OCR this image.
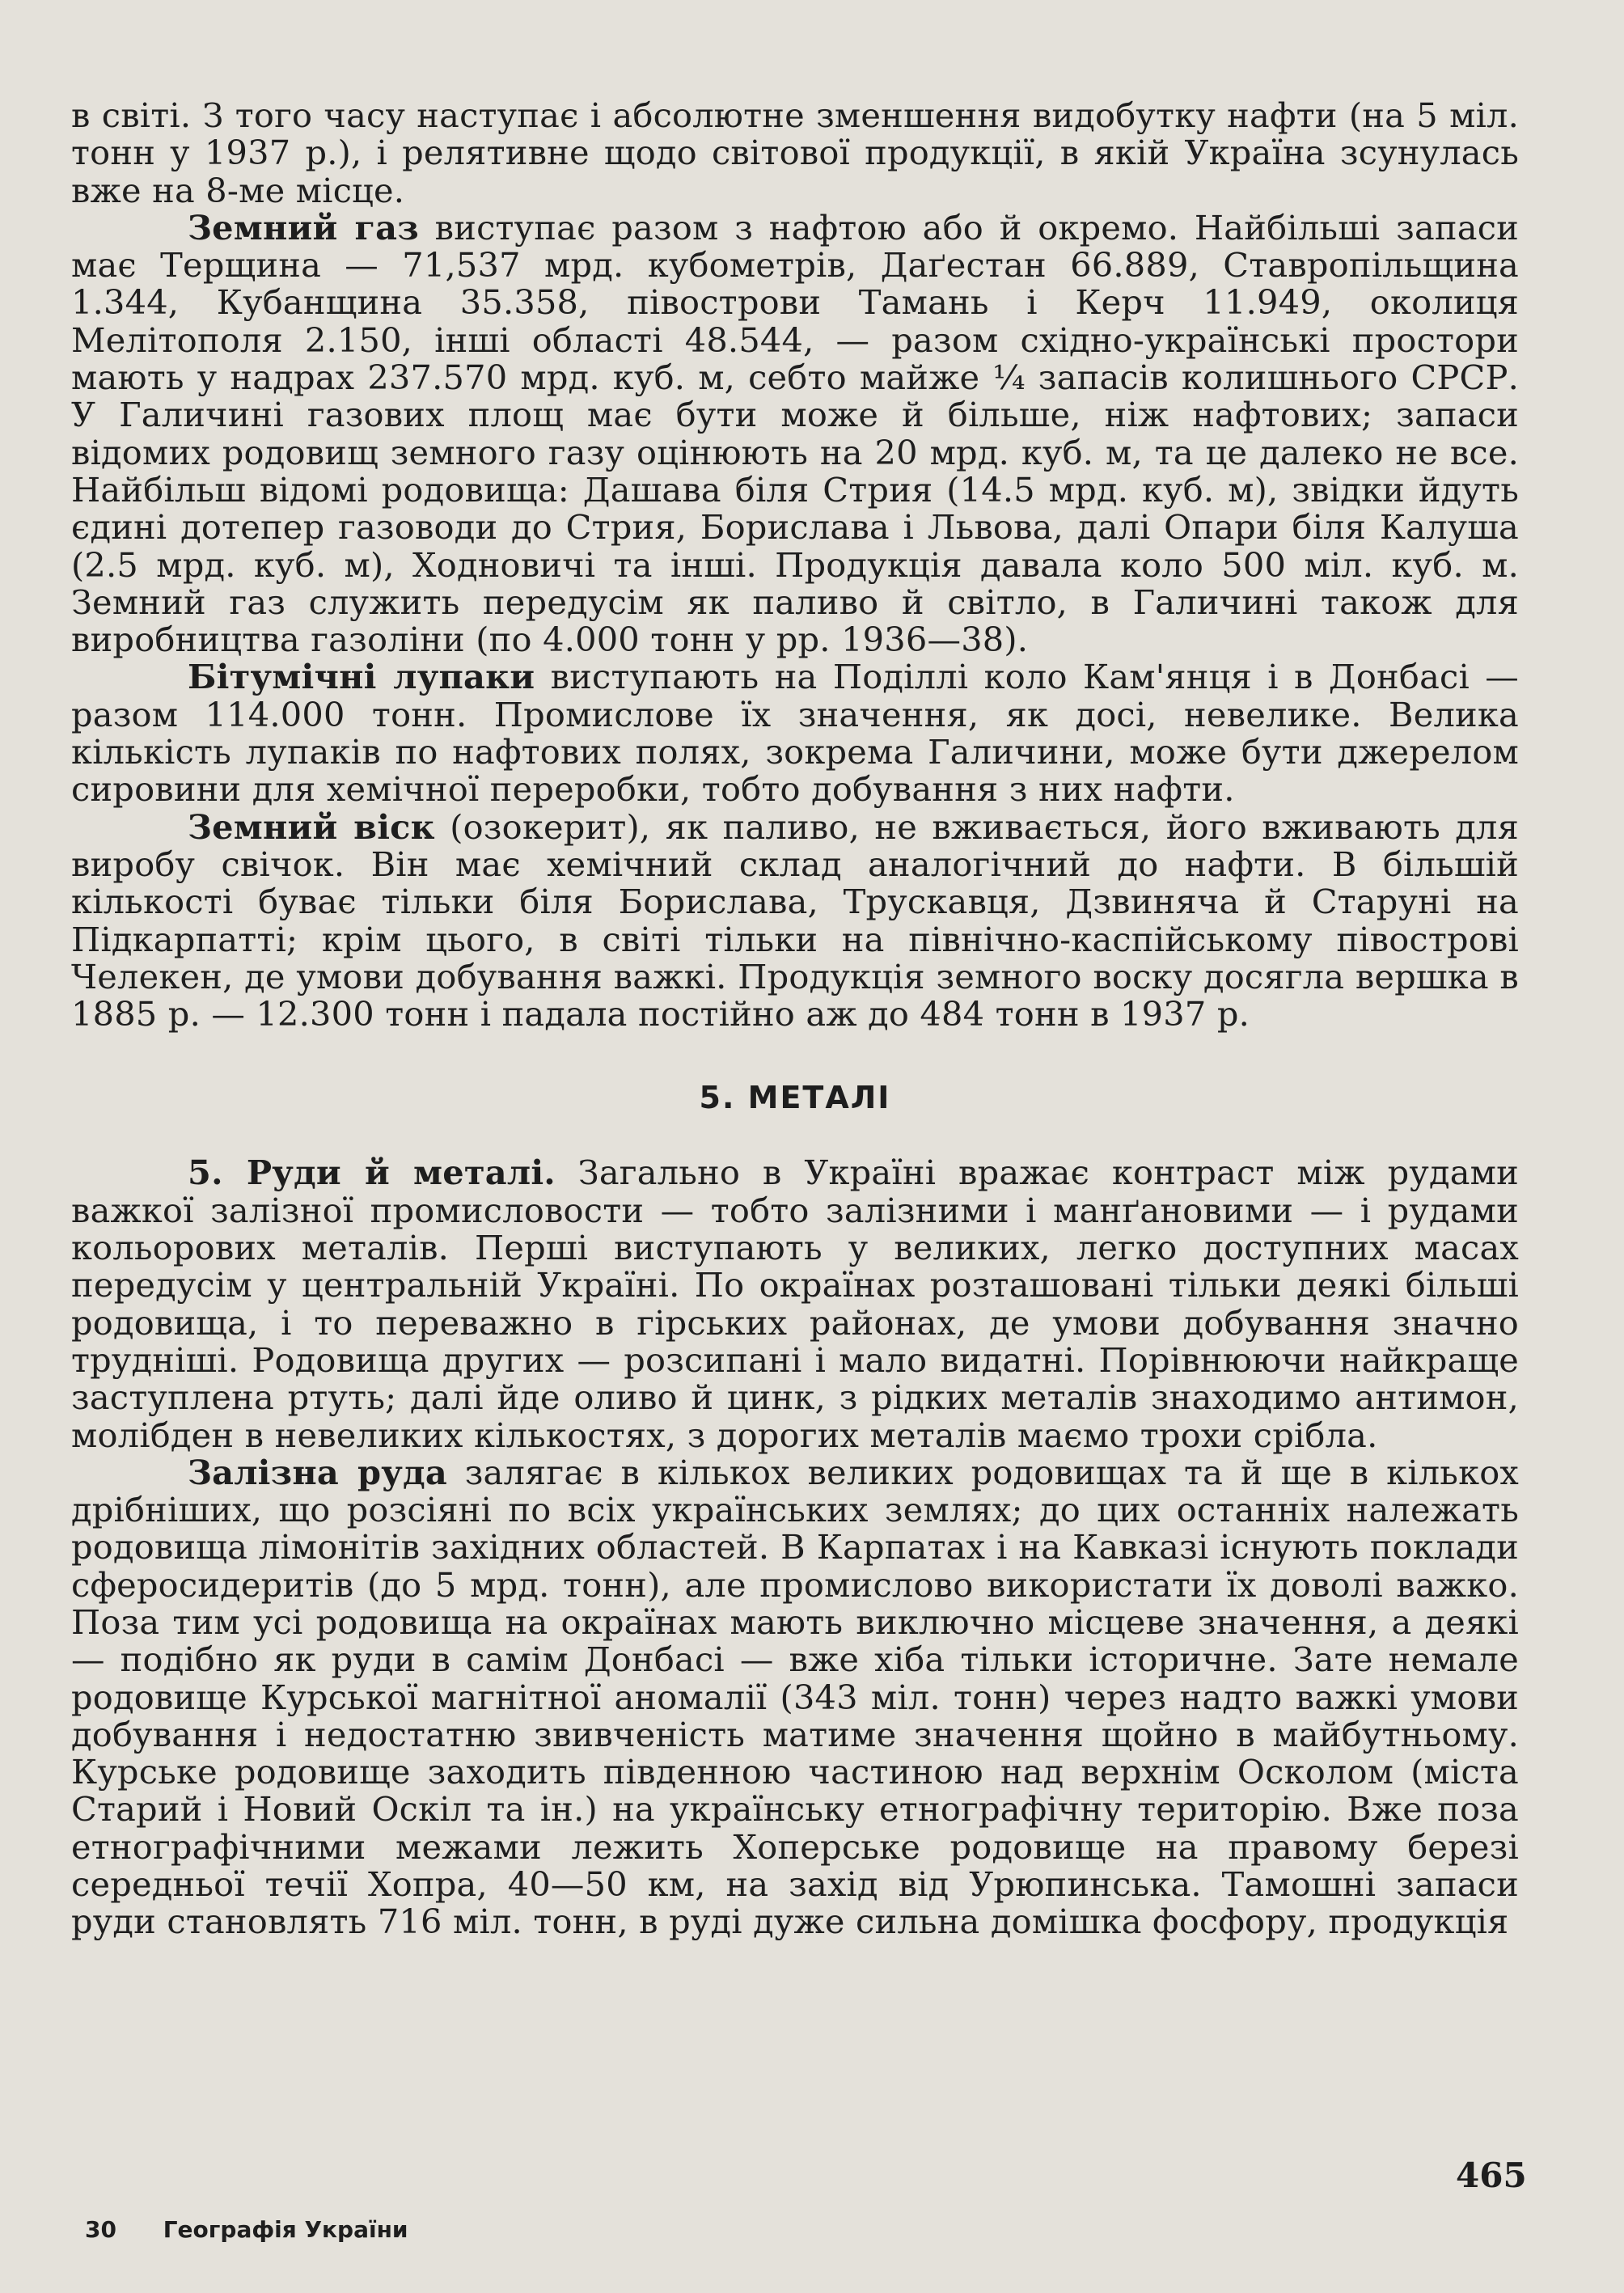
в світі. З того часу наступає і абсолютне зменшення видобутку нафти (на 5 міл. тонн у 1937 р.), і релятивне щодо світової продукції, в якій Україна зсунулась вже на 8-ме місце.

Земний газ виступає разом з нафтою або й окремо. Найбільші запаси має Терщина — 71,537 мрд. кубометрів, Даґестан 66.889, Ставропільщина 1.344, Кубанщина 35.358, півострови Тамань і Керч 11.949, околиця Мелітополя 2.150, інші області 48.544, — разом східно-українські простори мають у надрах 237.570 мрд. куб. м, себто майже ¼ запасів колишнього СРСР. У Галичині газових площ має бути може й більше, ніж нафтових; запаси відомих родовищ земного газу оцінюють на 20 мрд. куб. м, та це далеко не все. Найбільш відомі родовища: Дашава біля Стрия (14.5 мрд. куб. м), звідки йдуть єдині дотепер газоводи до Стрия, Борислава і Львова, далі Опари біля Калуша (2.5 мрд. куб. м), Ходновичі та інші. Продукція давала коло 500 міл. куб. м. Земний газ служить передусім як паливо й світло, в Галичині також для виробництва газоліни (по 4.000 тонн у рр. 1936—38).

Бітумічні лупаки виступають на Поділлі коло Кам'янця і в Донбасі — разом 114.000 тонн. Промислове їх значення, як досі, невелике. Велика кількість лупаків по нафтових полях, зокрема Галичини, може бути джерелом сировини для хемічної переробки, тобто добування з них нафти.

Земний віск (озокерит), як паливо, не вживається, його вживають для виробу свічок. Він має хемічний склад аналогічний до нафти. В більшій кількості буває тільки біля Борислава, Трускавця, Дзвиняча й Старуні на Підкарпатті; крім цього, в світі тільки на північно-каспійському півострові Челекен, де умови добування важкі. Продукція земного воску досягла вершка в 1885 р. — 12.300 тонн і падала постійно аж до 484 тонн в 1937 р.

5. МЕТАЛІ

5. Руди й металі. Загально в Україні вражає контраст між рудами важкої залізної промисловости — тобто залізними і манґановими — і рудами кольорових металів. Перші виступають у великих, легко доступних масах передусім у центральній Україні. По окраїнах розташовані тільки деякі більші родовища, і то переважно в гірських районах, де умови добування значно трудніші. Родовища других — розсипані і мало видатні. Порівнюючи найкраще заступлена ртуть; далі йде оливо й цинк, з рідких металів знаходимо антимон, молібден в невеликих кількостях, з дорогих металів маємо трохи срібла.

Залізна руда залягає в кількох великих родовищах та й ще в кількох дрібніших, що розсіяні по всіх українських землях; до цих останніх належать родовища лімонітів західних областей. В Карпатах і на Кавказі існують поклади сферосидеритів (до 5 мрд. тонн), але промислово використати їх доволі важко. Поза тим усі родовища на окраїнах мають виключно місцеве значення, а деякі — подібно як руди в самім Донбасі — вже хіба тільки історичне. Зате немале родовище Курської магнітної аномалії (343 міл. тонн) через надто важкі умови добування і недостатню звивченість матиме значення щойно в майбутньому. Курське родовище заходить південною частиною над верхнім Осколом (міста Старий і Новий Оскіл та ін.) на українську етнографічну територію. Вже поза етнографічними межами лежить Хоперське родовище на правому березі середньої течії Хопра, 40—50 км, на захід від Урюпинська. Тамошні запаси руди становлять 716 міл. тонн, в руді дуже сильна домішка фосфору, продукція

465
30 Географія України
